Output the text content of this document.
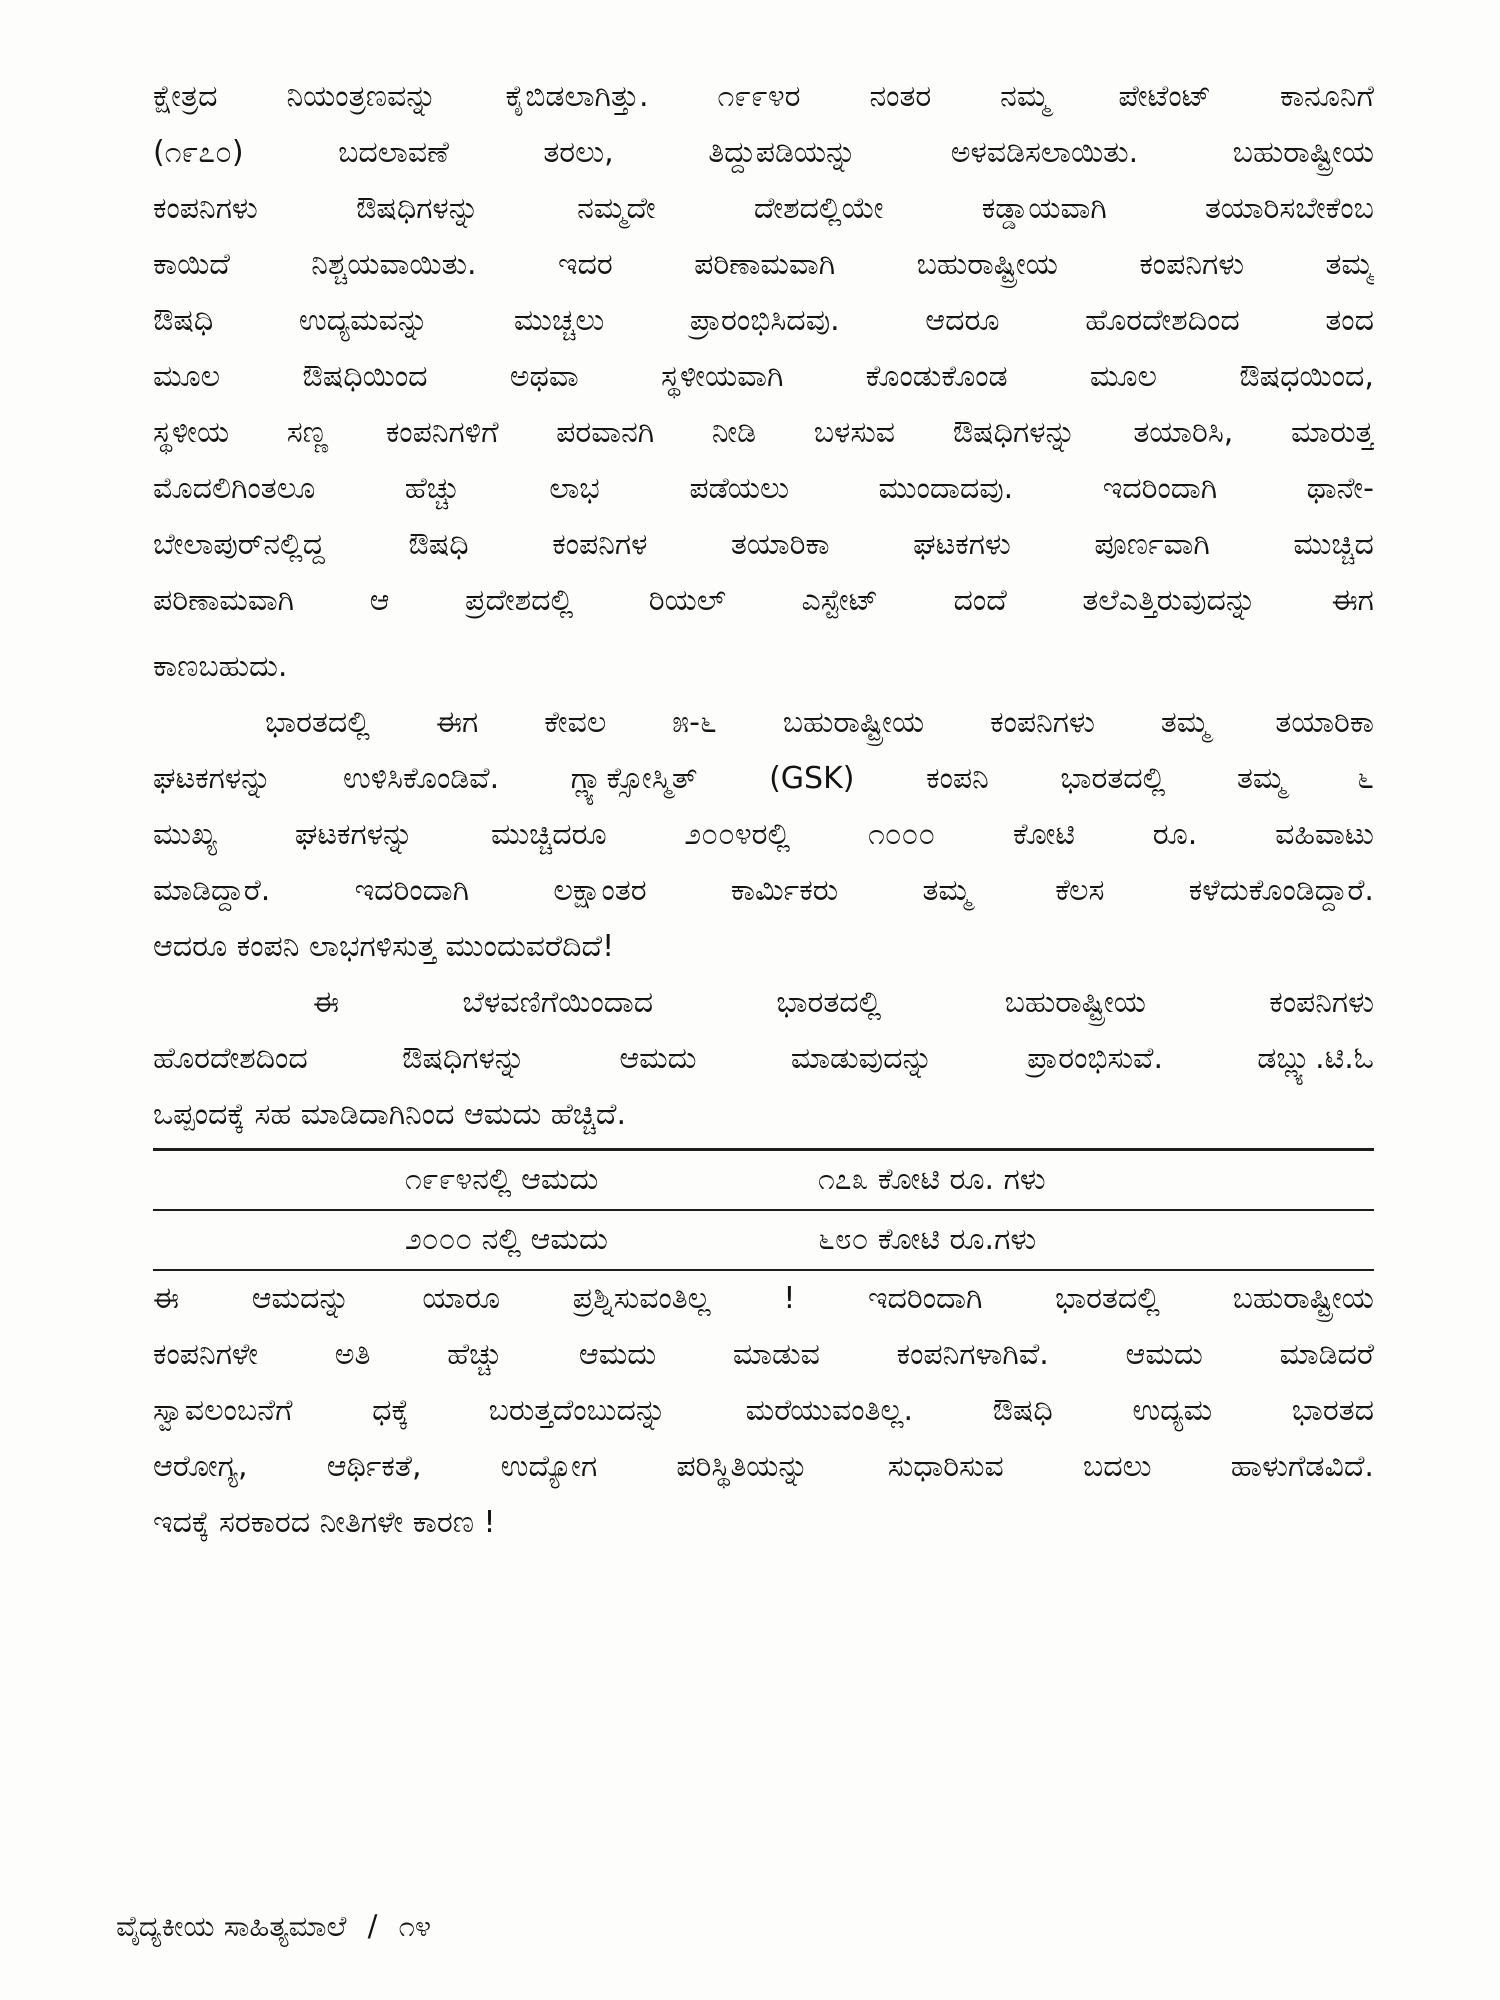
ಕ್ಷೇತ್ರದ ನಿಯಂತ್ರಣವನ್ನು ಕೈಬಿಡಲಾಗಿತ್ತು. ೧೯೯೪ರ ನಂತರ ನಮ್ಮ ಪೇಟೆಂಟ್ ಕಾನೂನಿಗೆ
(೧೯೭೦)	ಬದಲಾವಣೆ	ತರಲು,	ತಿದ್ದುಪಡಿಯನ್ನು	ಅಳವಡಿಸಲಾಯಿತು.	ಬಹುರಾಷ್ಟ್ರೀಯ
ಕಂಪನಿಗಳು	ಔಷಧಿಗಳನ್ನು	ನಮ್ಮದೇ	ದೇಶದಲ್ಲಿಯೇ	ಕಡ್ಡಾಯವಾಗಿ	ತಯಾರಿಸಬೇಕೆಂಬ
ಕಾಯಿದೆ	ನಿಶ್ಚಯವಾಯಿತು.	ಇದರ	ಪರಿಣಾಮವಾಗಿ	ಬಹುರಾಷ್ಟ್ರೀಯ	ಕಂಪನಿಗಳು	ತಮ್ಮ
ಔಷಧಿ	ಉದ್ಯಮವನ್ನು	ಮುಚ್ಚಲು	ಪ್ರಾರಂಭಿಸಿದವು.	ಆದರೂ	ಹೊರದೇಶದಿಂದ	ತಂದ
ಮೂಲ	ಔಷಧಿಯಿಂದ	ಅಥವಾ	ಸ್ಥಳೀಯವಾಗಿ	ಕೊಂಡುಕೊಂಡ	ಮೂಲ	ಔಷಧಯಿಂದ,
ಸ್ಥಳೀಯ ಸಣ್ಣ ಕಂಪನಿಗಳಿಗೆ ಪರವಾನಗಿ ನೀಡಿ ಬಳಸುವ ಔಷಧಿಗಳನ್ನು ತಯಾರಿಸಿ, ಮಾರುತ್ತ
ಮೊದಲಿಗಿಂತಲೂ	ಹೆಚ್ಚು	ಲಾಭ	ಪಡೆಯಲು	ಮುಂದಾದವು.	ಇದರಿಂದಾಗಿ	ಥಾನೇ-
ಬೇಲಾಪುರ್‌ನಲ್ಲಿದ್ದ	ಔಷಧಿ	ಕಂಪನಿಗಳ	ತಯಾರಿಕಾ	ಘಟಕಗಳು	ಪೂರ್ಣವಾಗಿ	ಮುಚ್ಚಿದ
ಪರಿಣಾಮವಾಗಿ	ಆ	ಪ್ರದೇಶದಲ್ಲಿ	ರಿಯಲ್	ಎಸ್ಟೇಟ್	ದಂದೆ	ತಲೆಎತ್ತಿರುವುದನ್ನು	ಈಗ
ಕಾಣಬಹುದು.
ಭಾರತದಲ್ಲಿ ಈಗ ಕೇವಲ ೫-೬ ಬಹುರಾಷ್ಟ್ರೀಯ ಕಂಪನಿಗಳು ತಮ್ಮ ತಯಾರಿಕಾ
ಘಟಕಗಳನ್ನು ಉಳಿಸಿಕೊಂಡಿವೆ. ಗ್ಲ್ಯಾಕ್ಸೋಸ್ಮಿತ್ (GSK) ಕಂಪನಿ ಭಾರತದಲ್ಲಿ ತಮ್ಮ ೬
ಮುಖ್ಯ	ಘಟಕಗಳನ್ನು	ಮುಚ್ಚಿದರೂ	೨೦೦೪ರಲ್ಲಿ	೧೦೦೦	ಕೋಟಿ	ರೂ.	ವಹಿವಾಟು
ಮಾಡಿದ್ದಾರೆ.	ಇದರಿಂದಾಗಿ	ಲಕ್ಷಾಂತರ	ಕಾರ್ಮಿಕರು	ತಮ್ಮ	ಕೆಲಸ	ಕಳೆದುಕೊಂಡಿದ್ದಾರೆ.
ಆದರೂ ಕಂಪನಿ ಲಾಭಗಳಿಸುತ್ತ ಮುಂದುವರೆದಿದೆ!
ಈ	ಬೆಳವಣಿಗೆಯಿಂದಾದ	ಭಾರತದಲ್ಲಿ	ಬಹುರಾಷ್ಟ್ರೀಯ	ಕಂಪನಿಗಳು
ಹೊರದೇಶದಿಂದ	ಔಷಧಿಗಳನ್ನು	ಆಮದು	ಮಾಡುವುದನ್ನು	ಪ್ರಾರಂಭಿಸುವೆ.	ಡಬ್ಲ್ಯು.ಟಿ.ಓ
ಒಪ್ಪಂದಕ್ಕೆ ಸಹ ಮಾಡಿದಾಗಿನಿಂದ ಆಮದು ಹೆಚ್ಚಿದೆ.
೧೯೯೪ನಲ್ಲಿ ಆಮದು	೧೭೩ ಕೋಟಿ ರೂ. ಗಳು
೨೦೦೦ ನಲ್ಲಿ ಆಮದು	೬೮೦ ಕೋಟಿ ರೂ.ಗಳು
ಈ ಆಮದನ್ನು ಯಾರೂ ಪ್ರಶ್ನಿಸುವಂತಿಲ್ಲ ! ಇದರಿಂದಾಗಿ ಭಾರತದಲ್ಲಿ ಬಹುರಾಷ್ಟ್ರೀಯ
ಕಂಪನಿಗಳೇ	ಅತಿ	ಹೆಚ್ಚು	ಆಮದು	ಮಾಡುವ	ಕಂಪನಿಗಳಾಗಿವೆ.	ಆಮದು	ಮಾಡಿದರೆ
ಸ್ವಾವಲಂಬನೆಗೆ	ಧಕ್ಕೆ	ಬರುತ್ತದೆಂಬುದನ್ನು	ಮರೆಯುವಂತಿಲ್ಲ.	ಔಷಧಿ	ಉದ್ಯಮ	ಭಾರತದ
ಆರೋಗ್ಯ,	ಆರ್ಥಿಕತೆ,	ಉದ್ಯೋಗ	ಪರಿಸ್ಥಿತಿಯನ್ನು	ಸುಧಾರಿಸುವ	ಬದಲು	ಹಾಳುಗೆಡವಿದೆ.
ಇದಕ್ಕೆ ಸರಕಾರದ ನೀತಿಗಳೇ ಕಾರಣ !
ವೈದ್ಯಕೀಯ ಸಾಹಿತ್ಯಮಾಲೆ / ೧೪
